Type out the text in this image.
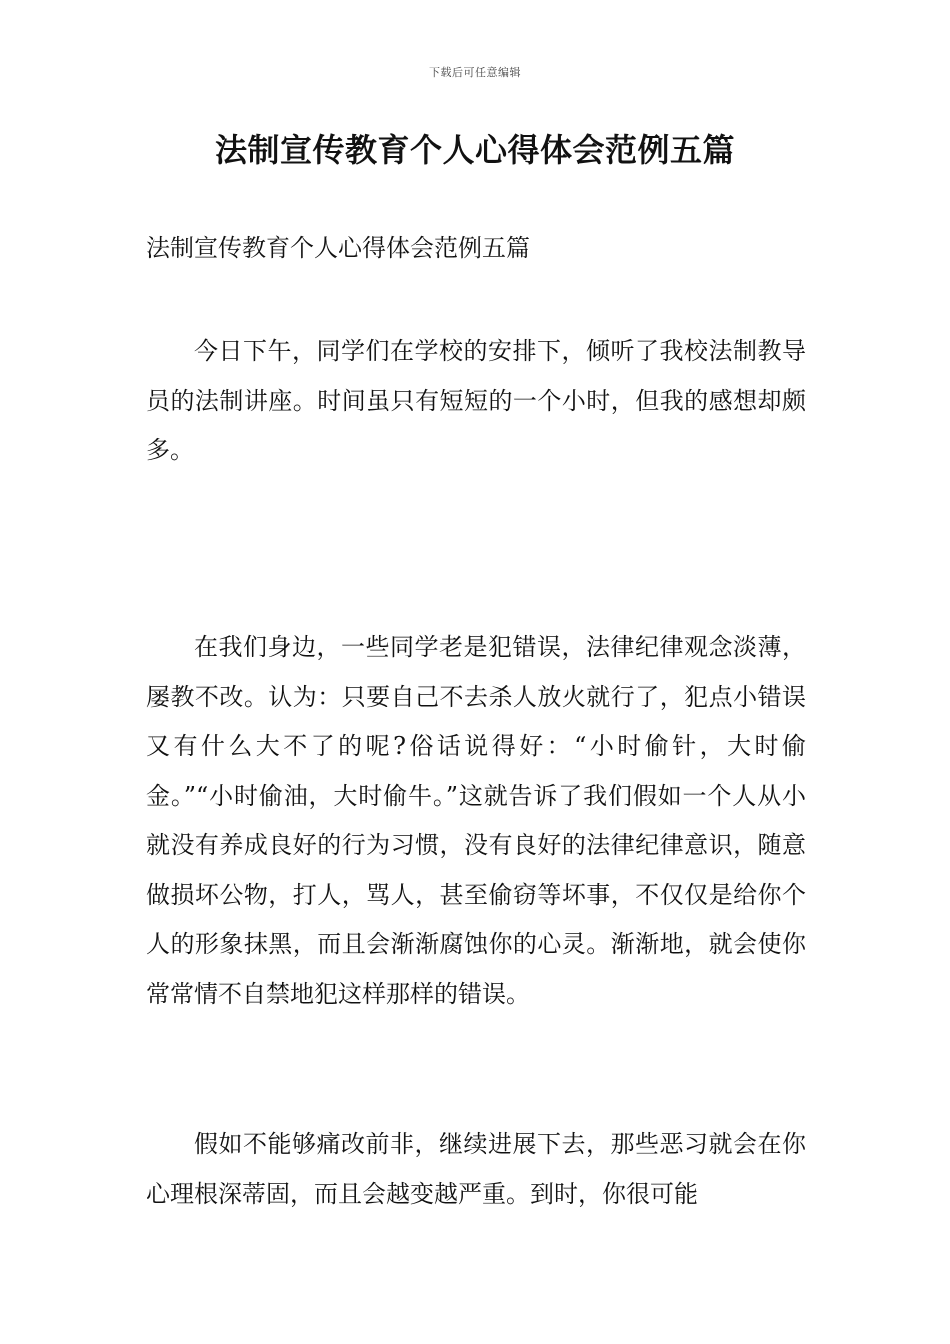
下载后可任意编辑
法制宣传教育个人心得体会范例五篇
法制宣传教育个人心得体会范例五篇

今日下午，同学们在学校的安排下，倾听了我校法制教导员的法制讲座。时间虽只有短短的一个小时，但我的感想却颇多。

在我们身边，一些同学老是犯错误，法律纪律观念淡薄，屡教不改。认为：只要自己不去杀人放火就行了，犯点小错误又有什么大不了的呢?俗话说得好：“小时偷针，大时偷金。”“小时偷油，大时偷牛。”这就告诉了我们假如一个人从小就没有养成良好的行为习惯，没有良好的法律纪律意识，随意做损坏公物，打人，骂人，甚至偷窃等坏事，不仅仅是给你个人的形象抹黑，而且会渐渐腐蚀你的心灵。渐渐地，就会使你常常情不自禁地犯这样那样的错误。

假如不能够痛改前非，继续进展下去，那些恶习就会在你心理根深蒂固，而且会越变越严重。到时，你很可能
